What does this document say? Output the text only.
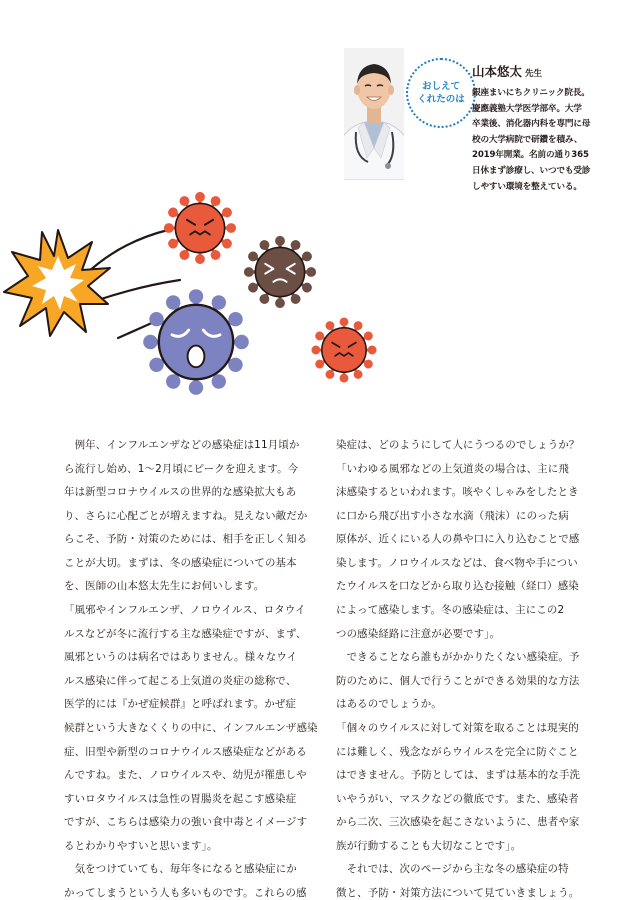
おしえて
くれたのは
山本悠太 先生
銀座まいにちクリニック院長。
慶應義塾大学医学部卒。大学
卒業後、消化器内科を専門に母
校の大学病院で研鑽を積み、
2019年開業。名前の通り365
日休まず診療し、いつでも受診
しやすい環境を整えている。
　例年、インフルエンザなどの感染症は11月頃か
ら流行し始め、1～2月頃にピークを迎えます。今
年は新型コロナウイルスの世界的な感染拡大もあ
り、さらに心配ごとが増えますね。見えない敵だか
らこそ、予防・対策のためには、相手を正しく知る
ことが大切。まずは、冬の感染症についての基本
を、医師の山本悠太先生にお伺いします。
「風邪やインフルエンザ、ノロウイルス、ロタウイ
ルスなどが冬に流行する主な感染症ですが、まず、
風邪というのは病名ではありません。様々なウイ
ルス感染に伴って起こる上気道の炎症の総称で、
医学的には『かぜ症候群』と呼ばれます。かぜ症
候群という大きなくくりの中に、インフルエンザ感染
症、旧型や新型のコロナウイルス感染症などがある
んですね。また、ノロウイルスや、幼児が罹患しや
すいロタウイルスは急性の胃腸炎を起こす感染症
ですが、こちらは感染力の強い食中毒とイメージす
るとわかりやすいと思います」。
　気をつけていても、毎年冬になると感染症にか
かってしまうという人も多いものです。これらの感
染症は、どのようにして人にうつるのでしょうか？
「いわゆる風邪などの上気道炎の場合は、主に飛
沫感染するといわれます。咳やくしゃみをしたとき
に口から飛び出す小さな水滴（飛沫）にのった病
原体が、近くにいる人の鼻や口に入り込むことで感
染します。ノロウイルスなどは、食べ物や手につい
たウイルスを口などから取り込む接触（経口）感染
によって感染します。冬の感染症は、主にこの2
つの感染経路に注意が必要です」。
　できることなら誰もがかかりたくない感染症。予
防のために、個人で行うことができる効果的な方法
はあるのでしょうか。
「個々のウイルスに対して対策を取ることは現実的
には難しく、残念ながらウイルスを完全に防ぐこと
はできません。予防としては、まずは基本的な手洗
いやうがい、マスクなどの徹底です。また、感染者
から二次、三次感染を起こさないように、患者や家
族が行動することも大切なことです」。
　それでは、次のページから主な冬の感染症の特
徴と、予防・対策方法について見ていきましょう。
